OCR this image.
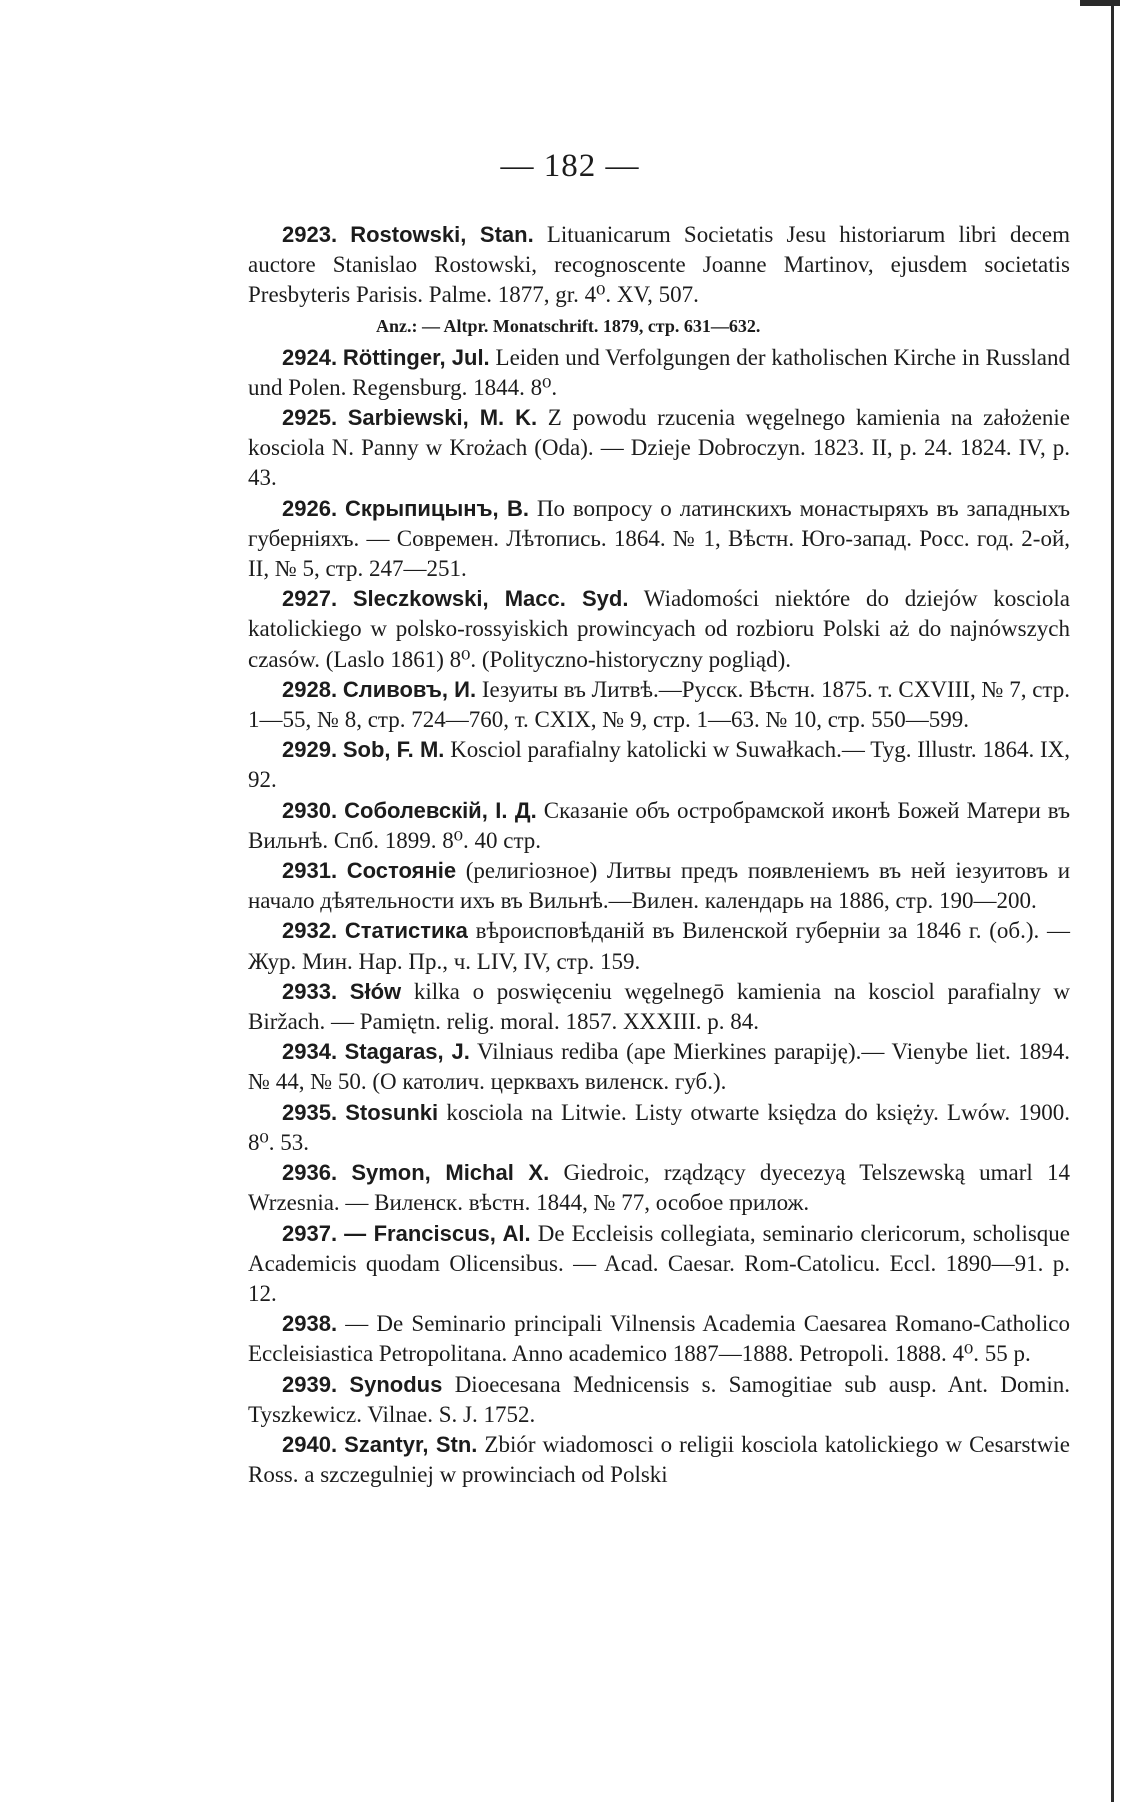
— 182 —

2923. Rostowski, Stan. Lituanicarum Societatis Jesu historiarum libri decem auctore Stanislao Rostowski, recognoscente Joanne Martinov, ejusdem societatis Presbyteris Parisis. Palme. 1877, gr. 4⁰. XV, 507.

Anz.: — Altpr. Monatschrift. 1879, стр. 631—632.

2924. Röttinger, Jul. Leiden und Verfolgungen der katholischen Kirche in Russland und Polen. Regensburg. 1844. 8⁰.

2925. Sarbiewski, M. K. Z powodu rzucenia węgelnego kamienia na założenie kosciola N. Panny w Krożach (Oda). — Dzieje Dobroczyn. 1823. II, p. 24. 1824. IV, p. 43.

2926. Скрыпицынъ, В. По вопросу о латинскихъ монастыряхъ въ западныхъ губерніяхъ. — Современ. Лѣтопись. 1864. № 1, Вѣстн. Юго-запад. Росс. год. 2-ой, II, № 5, стр. 247—251.

2927. Sleczkowski, Macc. Syd. Wiadomości niektóre do dziejów kosciola katolickiego w polsko-rossyiskich prowincyach od rozbioru Polski aż do najnówszych czasów. (Laslo 1861) 8⁰. (Polityczno-historyczny pogliąd).

2928. Сливовъ, И. Іезуиты въ Литвѣ.—Русск. Вѣстн. 1875. т. CXVIII, № 7, стр. 1—55, № 8, стр. 724—760, т. CXIX, № 9, стр. 1—63. № 10, стр. 550—599.

2929. Sob, F. M. Kosciol parafialny katolicki w Suwałkach.— Tyg. Illustr. 1864. IX, 92.

2930. Соболевскій, I. Д. Сказаніе объ остробрамской иконѣ Божей Матери въ Вильнѣ. Спб. 1899. 8⁰. 40 стр.

2931. Состояніе (религіозное) Литвы предъ появленіемъ въ ней іезуитовъ и начало дѣятельности ихъ въ Вильнѣ.—Вилен. календарь на 1886, стр. 190—200.

2932. Статистика вѣроисповѣданій въ Виленской губерніи за 1846 г. (об.). — Жур. Мин. Нар. Пр., ч. LIV, IV, стр. 159.

2933. Słów kilka o poswięceniu węgelnegō kamienia na kosciol parafialny w Biržach. — Pamiętn. relig. moral. 1857. XXXIII. p. 84.

2934. Stagaras, J. Vilniaus rediba (ape Mierkines parapiję).— Vienybe liet. 1894. № 44, № 50. (О католич. церквахъ виленск. губ.).

2935. Stosunki kosciola na Litwie. Listy otwarte księdza do księży. Lwów. 1900. 8⁰. 53.

2936. Symon, Michal X. Giedroic, rządzący dyecezyą Telszewską umarl 14 Wrzesnia. — Виленск. вѣстн. 1844, № 77, особое прилож.

2937. — Franciscus, Al. De Eccleisis collegiata, seminario clericorum, scholisque Academicis quodam Olicensibus. — Acad. Caesar. Rom-Catolicu. Eccl. 1890—91. p. 12.

2938. — De Seminario principali Vilnensis Academia Caesarea Romano-Catholico Eccleisiastica Petropolitana. Anno academico 1887—1888. Petropoli. 1888. 4⁰. 55 p.

2939. Synodus Dioecesana Mednicensis s. Samogitiae sub ausp. Ant. Domin. Tyszkewicz. Vilnae. S. J. 1752.

2940. Szantyr, Stn. Zbiór wiadomosci o religii kosciola katolickiego w Cesarstwie Ross. a szczegulniej w prowinciach od Polski
